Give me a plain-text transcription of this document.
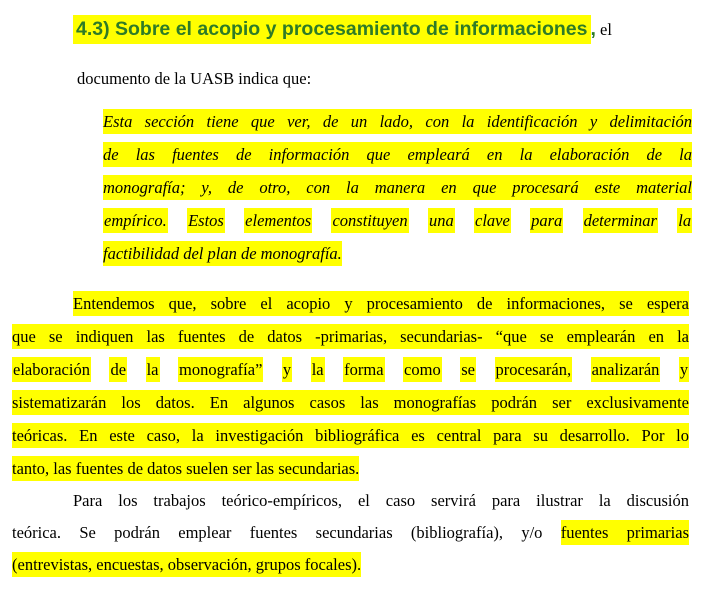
4.3) Sobre el acopio y procesamiento de informaciones , el
documento de la UASB indica que:
Esta sección tiene que ver, de un lado, con la identificación y delimitación
de las fuentes de información que empleará en la elaboración de la
monografía; y, de otro, con la manera en que procesará este material
empírico. Estos elementos constituyen una clave para determinar la
factibilidad del plan de monografía.
Entendemos que, sobre el acopio y procesamiento de informaciones, se espera
que se indiquen las fuentes de datos -primarias, secundarias- “que se emplearán en la
elaboración de la monografía” y la forma como se procesarán, analizarán y
sistematizarán los datos. En algunos casos las monografías podrán ser exclusivamente
teóricas. En este caso, la investigación bibliográfica es central para su desarrollo. Por lo
tanto, las fuentes de datos suelen ser las secundarias.
Para los trabajos teórico-empíricos, el caso servirá para ilustrar la discusión
teórica. Se podrán emplear fuentes secundarias (bibliografía), y/o fuentes primarias
(entrevistas, encuestas, observación, grupos focales).
